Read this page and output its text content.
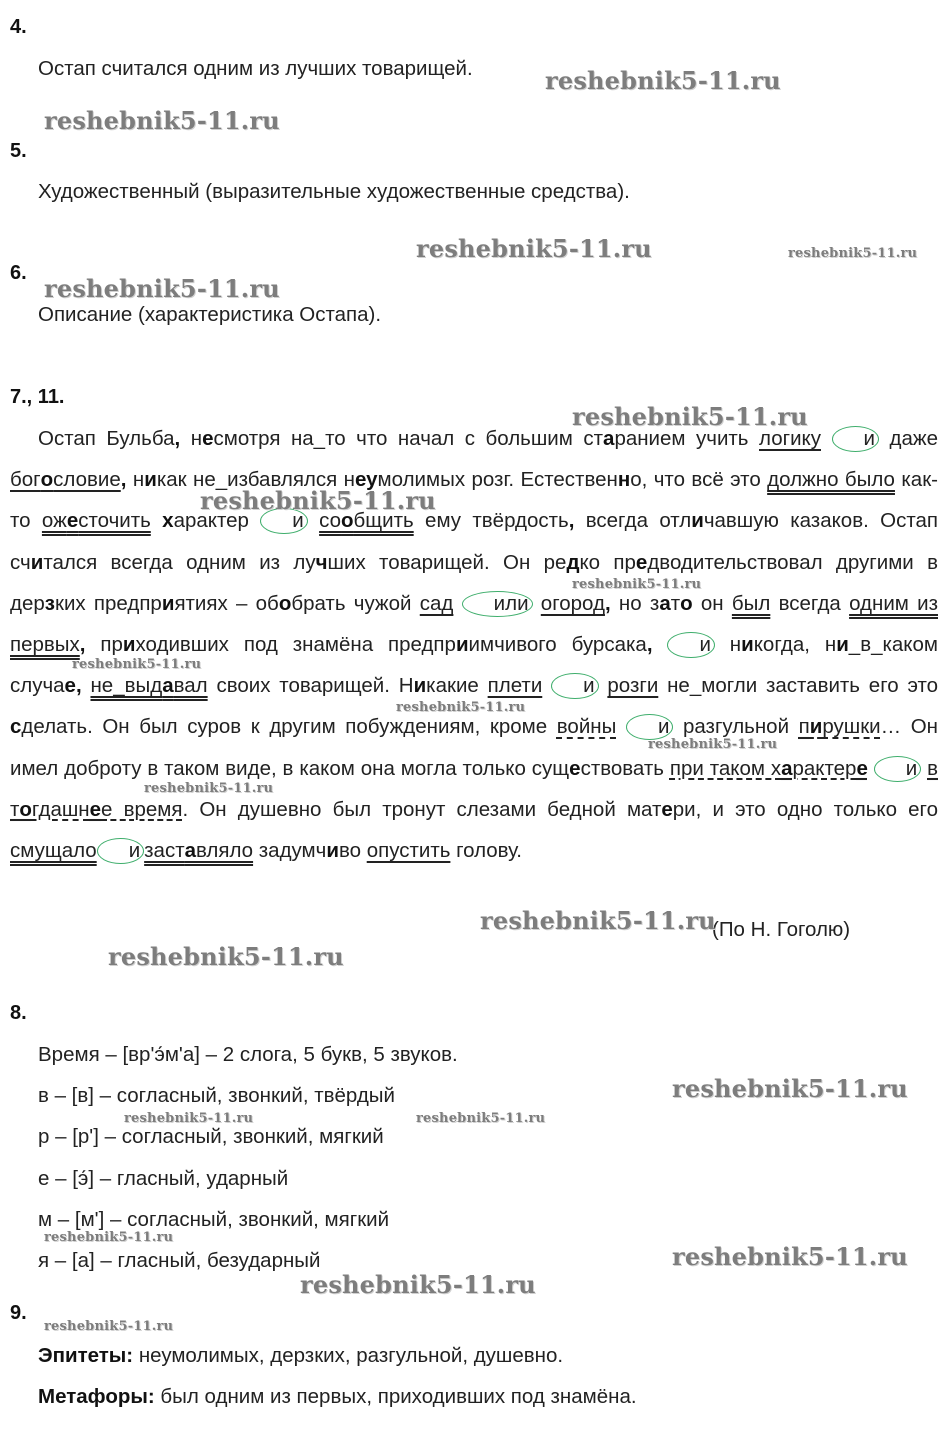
4.
Остап считался одним из лучших товарищей.
5.
Художественный (выразительные художественные средства).
6.
Описание (характеристика Остапа).
7., 11.

Остап Бульба, несмотря на_то что начал с большим старанием учить логику и даже богословие, никак не_избавлялся неумолимых розг. Естественно, что всё это должно было как-то ожесточить характер и сообщить ему твёрдость, всегда отличавшую казаков. Остап считался всегда одним из лучших товарищей. Он редко предводительствовал другими в дерзких предприятиях – обобрать чужой сад или огород, но зато он был всегда одним из первых, приходивших под знамёна предприимчивого бурсака, и никогда, ни_в_каком случае, не_выдавал своих товарищей. Никакие плети и розги не_могли заставить его это сделать. Он был суров к другим побуждениям, кроме войны и разгульной пирушки… Он имел доброту в таком виде, в каком она могла только существовать при таком характере и в тогдашнее время. Он душевно был тронут слезами бедной матери, и это одно только его смущало и заставляло задумчиво опустить голову.

(По Н. Гоголю)
8.
Время – [вр'э́м'а] – 2 слога, 5 букв, 5 звуков.
в – [в] – согласный, звонкий, твёрдый
р – [р'] – согласный, звонкий, мягкий
е – [э́] – гласный, ударный
м – [м'] – согласный, звонкий, мягкий
я – [а] – гласный, безударный
9.
Эпитеты: неумолимых, дерзких, разгульной, душевно.
Метафоры: был одним из первых, приходивших под знамёна.
reshebnik5-11.ru
reshebnik5-11.ru
reshebnik5-11.ru	reshebnik5-11.ru
reshebnik5-11.ru
reshebnik5-11.ru
reshebnik5-11.ru
reshebnik5-11.ru
reshebnik5-11.ru
reshebnik5-11.ru
reshebnik5-11.ru
reshebnik5-11.ru
reshebnik5-11.ru
reshebnik5-11.ru
reshebnik5-11.ru
reshebnik5-11.ru	reshebnik5-11.ru
reshebnik5-11.ru
reshebnik5-11.ru
reshebnik5-11.ru
reshebnik5-11.ru
